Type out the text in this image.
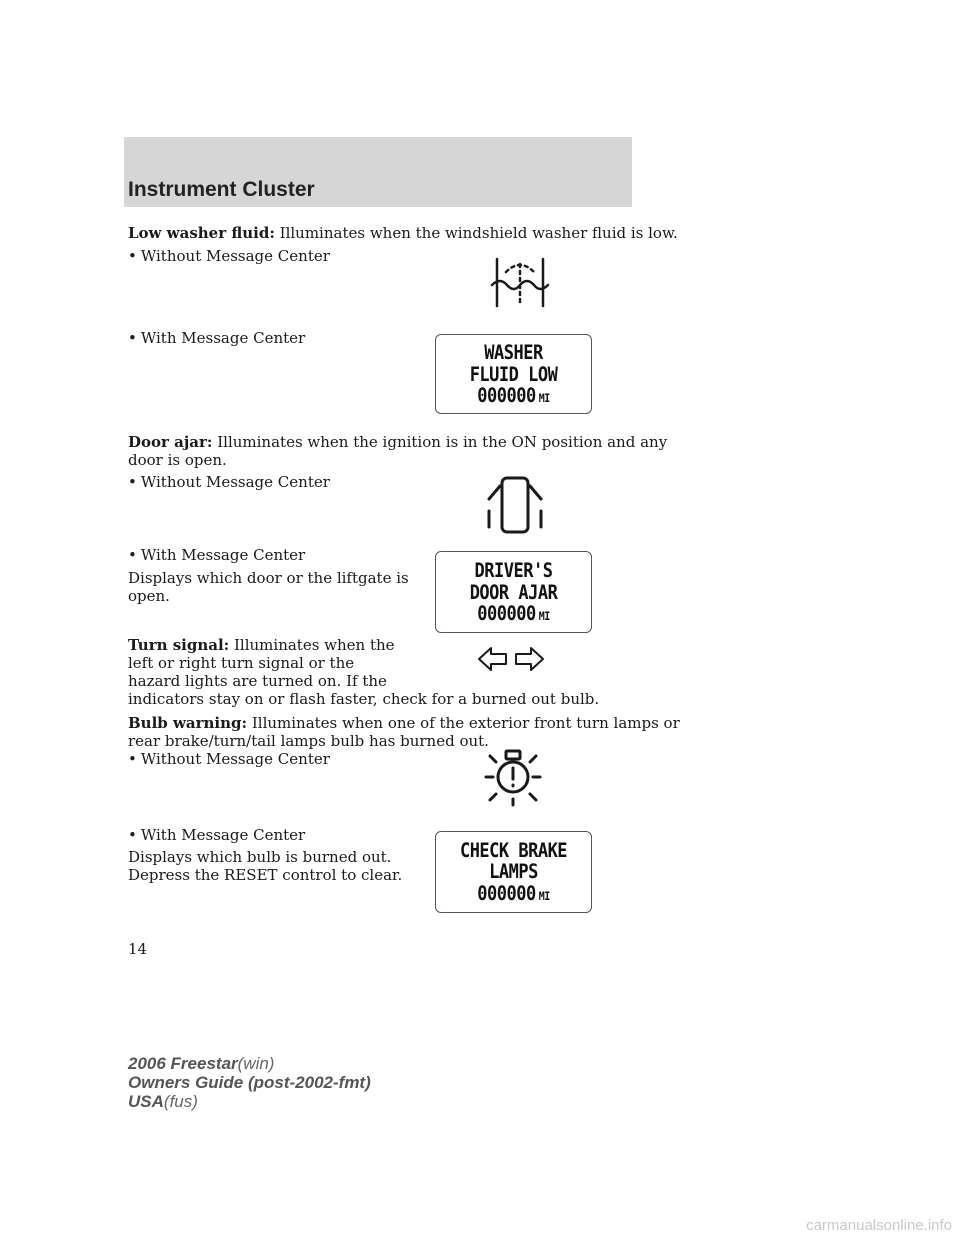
Instrument Cluster
Low washer fluid: Illuminates when the windshield washer fluid is low.
• Without Message Center
• With Message Center
WASHER
FLUID LOW
000000 MI
Door ajar: Illuminates when the ignition is in the ON position and any
door is open.
• Without Message Center
• With Message Center
Displays which door or the liftgate is
open.
DRIVER'S
DOOR AJAR
000000 MI
Turn signal: Illuminates when the
left or right turn signal or the
hazard lights are turned on. If the
indicators stay on or flash faster, check for a burned out bulb.
Bulb warning: Illuminates when one of the exterior front turn lamps or
rear brake/turn/tail lamps bulb has burned out.
• Without Message Center
• With Message Center
Displays which bulb is burned out.
Depress the RESET control to clear.
CHECK BRAKE
LAMPS
000000 MI
14
2006 Freestar(win)
Owners Guide (post-2002-fmt)
USA(fus)
carmanualsonline.info
